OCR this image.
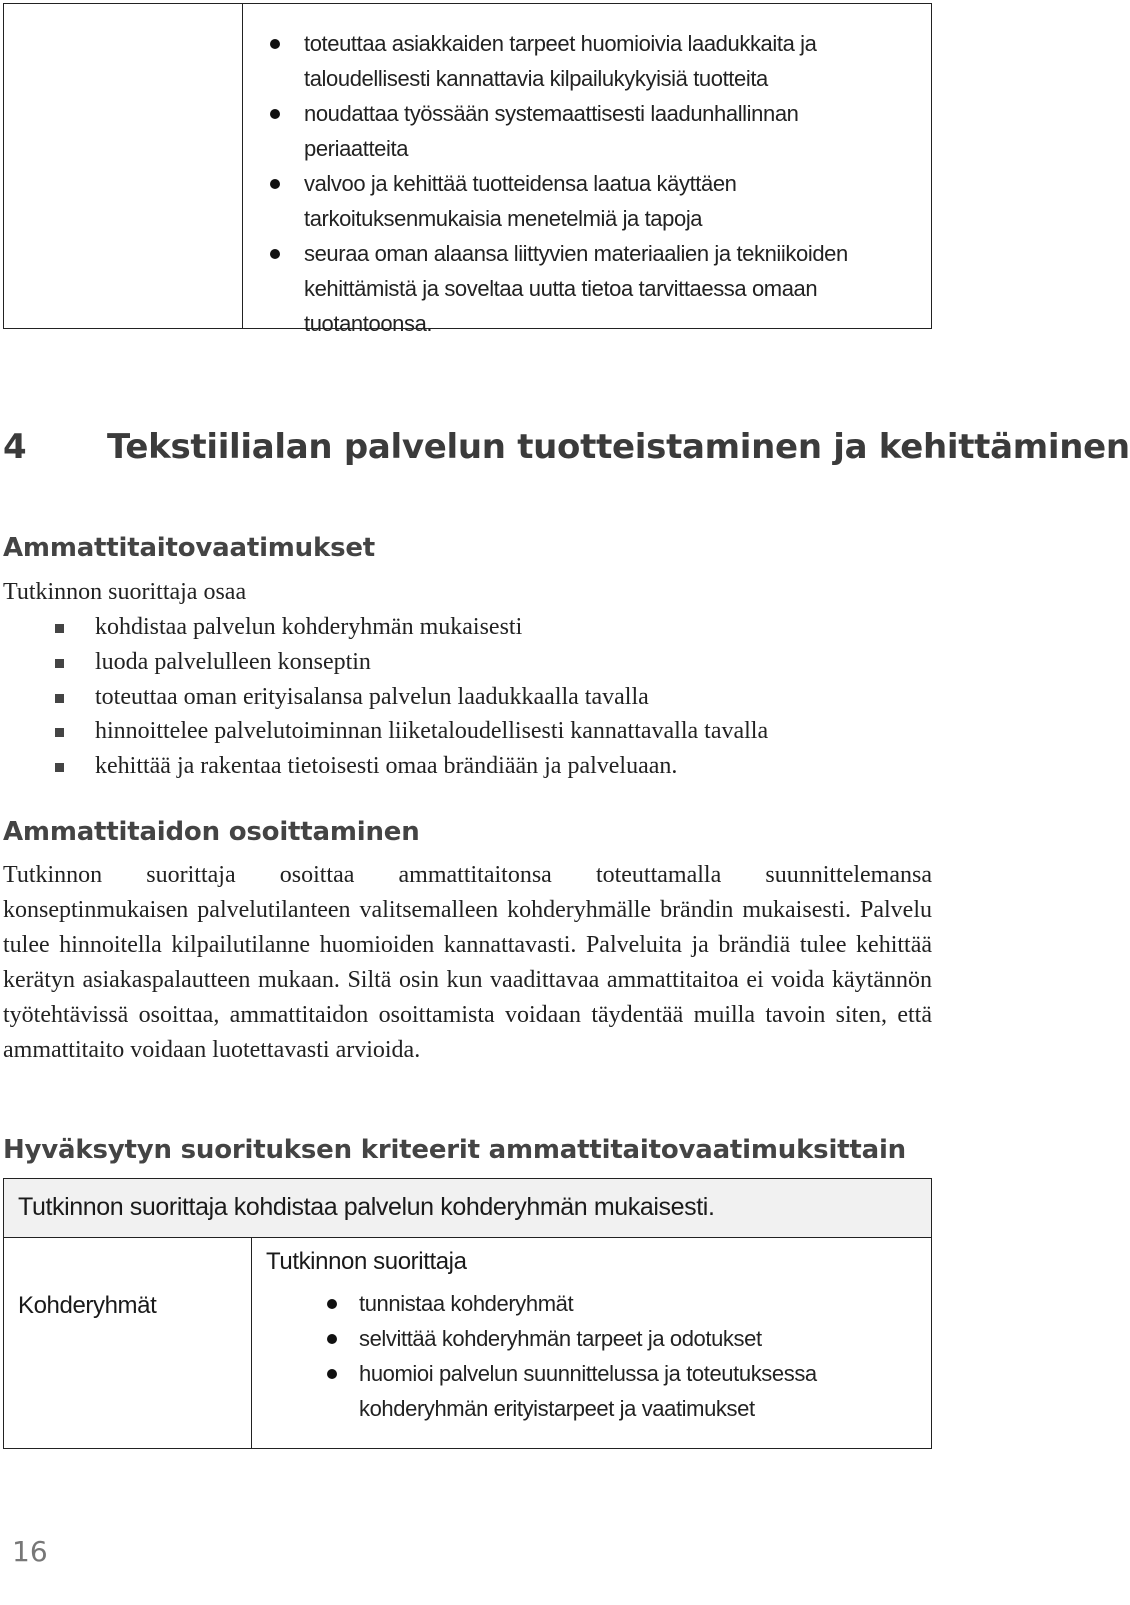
toteuttaa asiakkaiden tarpeet huomioivia laadukkaita ja taloudellisesti kannattavia kilpailukykyisiä tuotteita
noudattaa työssään systemaattisesti laadunhallinnan periaatteita
valvoo ja kehittää tuotteidensa laatua käyttäen tarkoituksenmukaisia menetelmiä ja tapoja
seuraa oman alaansa liittyvien materiaalien ja tekniikoiden kehittämistä ja soveltaa uutta tietoa tarvittaessa omaan tuotantoonsa.
4 Tekstiilialan palvelun tuotteistaminen ja kehittäminen
Ammattitaitovaatimukset
Tutkinnon suorittaja osaa
kohdistaa palvelun kohderyhmän mukaisesti
luoda palvelulleen konseptin
toteuttaa oman erityisalansa palvelun laadukkaalla tavalla
hinnoittelee palvelutoiminnan liiketaloudellisesti kannattavalla tavalla
kehittää ja rakentaa tietoisesti omaa brändiään ja palveluaan.
Ammattitaidon osoittaminen

Tutkinnon suorittaja osoittaa ammattitaitonsa toteuttamalla suunnittelemansa konseptinmukaisen palvelutilanteen valitsemalleen kohderyhmälle brändin mukaisesti. Palvelu tulee hinnoitella kilpailutilanne huomioiden kannattavasti. Palveluita ja brändiä tulee kehittää kerätyn asiakaspalautteen mukaan. Siltä osin kun vaadittavaa ammattitaitoa ei voida käytännön työtehtävissä osoittaa, ammattitaidon osoittamista voidaan täydentää muilla tavoin siten, että ammattitaito voidaan luotettavasti arvioida.

Hyväksytyn suorituksen kriteerit ammattitaitovaatimuksittain
Tutkinnon suorittaja kohdistaa palvelun kohderyhmän mukaisesti.
Kohderyhmät
Tutkinnon suorittaja
tunnistaa kohderyhmät
selvittää kohderyhmän tarpeet ja odotukset
huomioi palvelun suunnittelussa ja toteutuksessa kohderyhmän erityistarpeet ja vaatimukset
16
